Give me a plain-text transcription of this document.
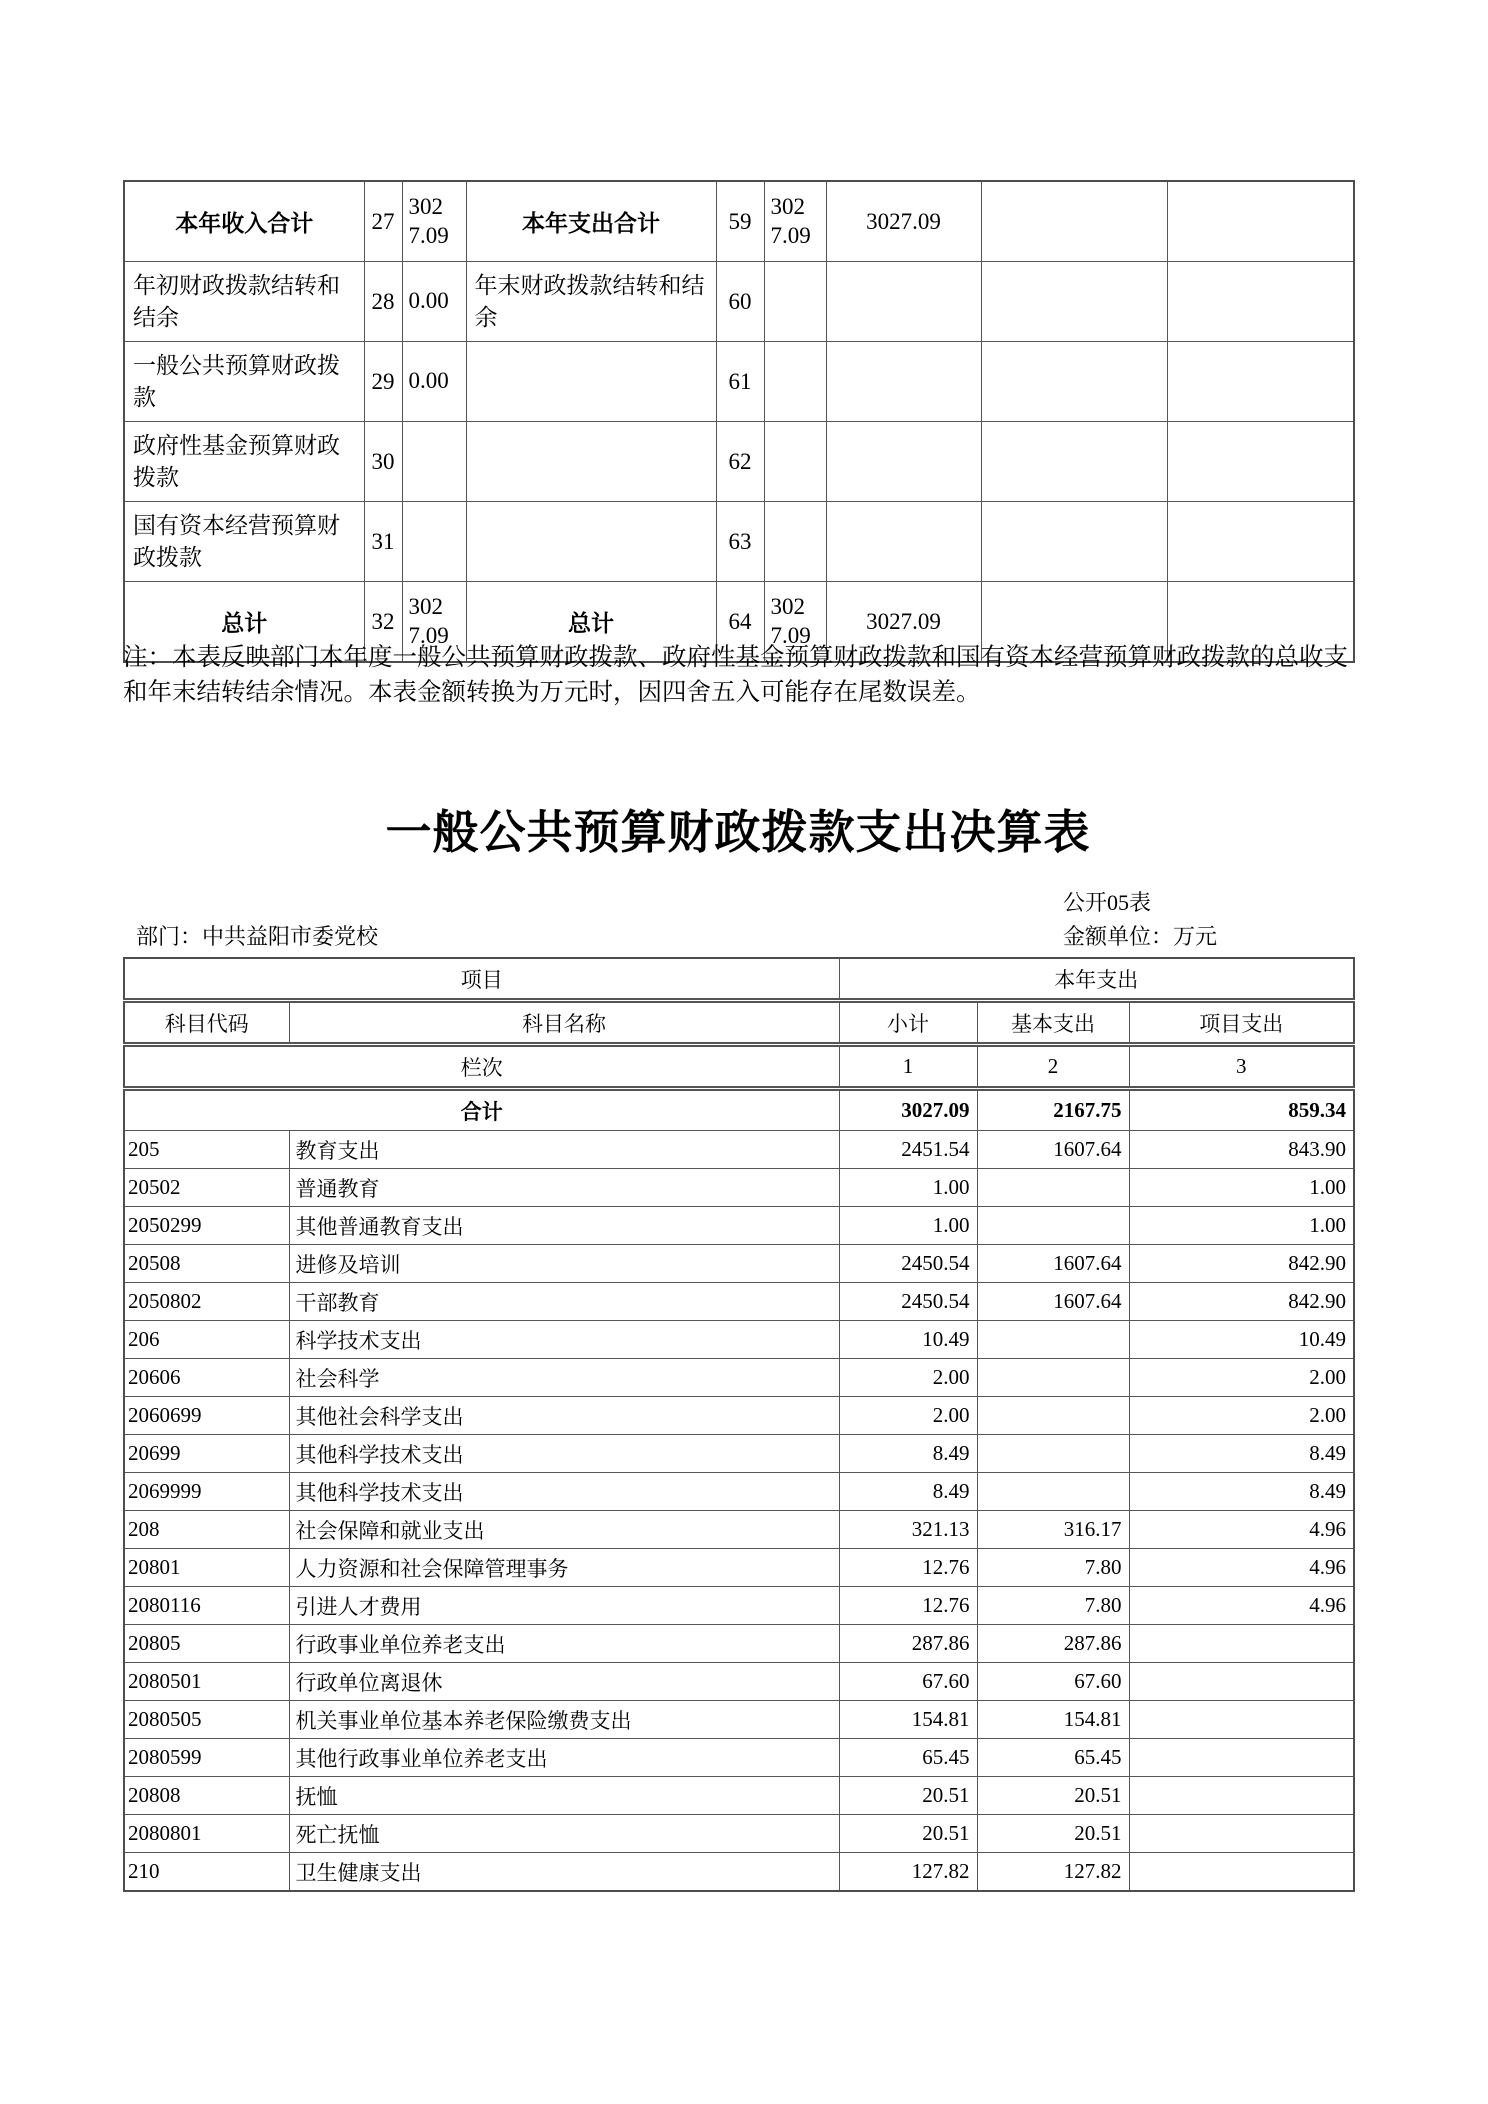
本年收入合计	27	3027.09	本年支出合计	59	3027.09	3027.09		
年初财政拨款结转和结余	28	0.00	年末财政拨款结转和结余	60				
一般公共预算财政拨款	29	0.00		61				
政府性基金预算财政拨款	30			62				
国有资本经营预算财政拨款	31			63				
总计	32	3027.09	总计	64	3027.09	3027.09		
注：本表反映部门本年度一般公共预算财政拨款、政府性基金预算财政拨款和国有资本经营预算财政拨款的总收支和年末结转结余情况。本表金额转换为万元时，因四舍五入可能存在尾数误差。
一般公共预算财政拨款支出决算表
公开05表
部门：中共益阳市委党校	金额单位：万元
项目		本年支出		
科目代码	科目名称	小计	基本支出	项目支出
栏次		1	2	3
合计		3027.09	2167.75	859.34
205	教育支出	2451.54	1607.64	843.90
20502	普通教育	1.00		1.00
2050299	其他普通教育支出	1.00		1.00
20508	进修及培训	2450.54	1607.64	842.90
2050802	干部教育	2450.54	1607.64	842.90
206	科学技术支出	10.49		10.49
20606	社会科学	2.00		2.00
2060699	其他社会科学支出	2.00		2.00
20699	其他科学技术支出	8.49		8.49
2069999	其他科学技术支出	8.49		8.49
208	社会保障和就业支出	321.13	316.17	4.96
20801	人力资源和社会保障管理事务	12.76	7.80	4.96
2080116	引进人才费用	12.76	7.80	4.96
20805	行政事业单位养老支出	287.86	287.86	
2080501	行政单位离退休	67.60	67.60	
2080505	机关事业单位基本养老保险缴费支出	154.81	154.81	
2080599	其他行政事业单位养老支出	65.45	65.45	
20808	抚恤	20.51	20.51	
2080801	死亡抚恤	20.51	20.51	
210	卫生健康支出	127.82	127.82	
